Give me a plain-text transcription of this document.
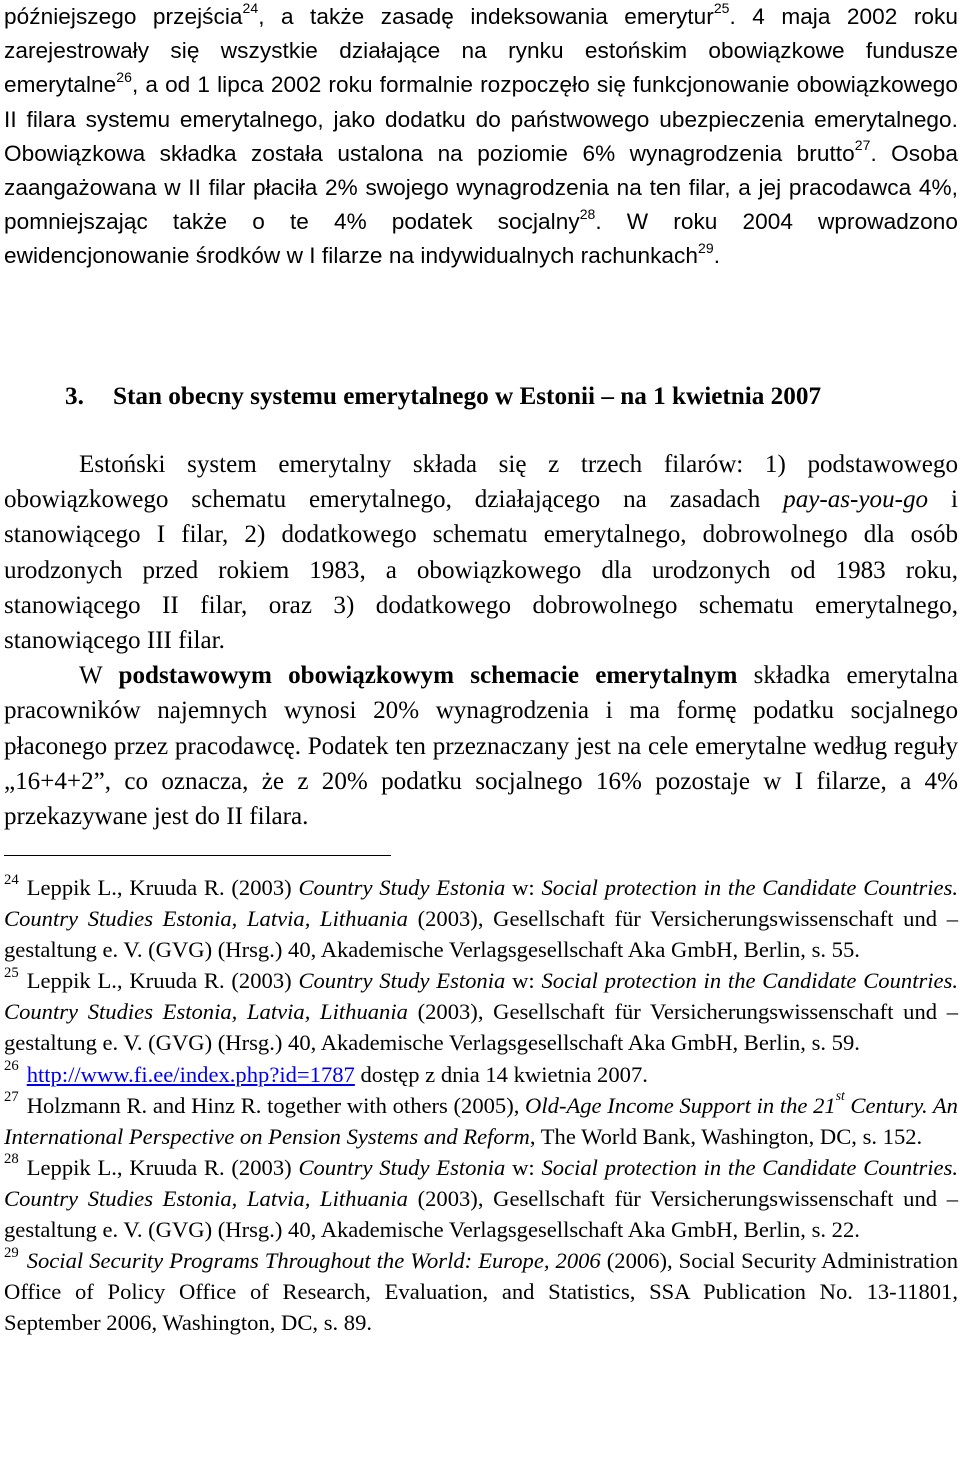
późniejszego przejścia$^{24}$, a także zasadę indeksowania emerytur$^{25}$. 4 maja 2002 roku zarejestrowały się wszystkie działające na rynku estońskim obowiązkowe fundusze emerytalne$^{26}$, a od 1 lipca 2002 roku formalnie rozpoczęło się funkcjonowanie obowiązkowego II filara systemu emerytalnego, jako dodatku do państwowego ubezpieczenia emerytalnego. Obowiązkowa składka została ustalona na poziomie 6% wynagrodzenia brutto$^{27}$. Osoba zaangażowana w II filar płaciła 2% swojego wynagrodzenia na ten filar, a jej pracodawca 4%, pomniejszając także o te 4% podatek socjalny$^{28}$. W roku 2004 wprowadzono ewidencjonowanie środków w I filarze na indywidualnych rachunkach$^{29}$.

3. Stan obecny systemu emerytalnego w Estonii – na 1 kwietnia 2007

Estoński system emerytalny składa się z trzech filarów: 1) podstawowego obowiązkowego schematu emerytalnego, działającego na zasadach pay-as-you-go i stanowiącego I filar, 2) dodatkowego schematu emerytalnego, dobrowolnego dla osób urodzonych przed rokiem 1983, a obowiązkowego dla urodzonych od 1983 roku, stanowiącego II filar, oraz 3) dodatkowego dobrowolnego schematu emerytalnego, stanowiącego III filar.

W podstawowym obowiązkowym schemacie emerytalnym składka emerytalna pracowników najemnych wynosi 20% wynagrodzenia i ma formę podatku socjalnego płaconego przez pracodawcę. Podatek ten przeznaczany jest na cele emerytalne według reguły „16+4+2”, co oznacza, że z 20% podatku socjalnego 16% pozostaje w I filarze, a 4% przekazywane jest do II filara.

$^{24}$ Leppik L., Kruuda R. (2003) Country Study Estonia w: Social protection in the Candidate Countries. Country Studies Estonia, Latvia, Lithuania (2003), Gesellschaft für Versicherungswissenschaft und – gestaltung e. V. (GVG) (Hrsg.) 40, Akademische Verlagsgesellschaft Aka GmbH, Berlin, s. 55.

$^{25}$ Leppik L., Kruuda R. (2003) Country Study Estonia w: Social protection in the Candidate Countries. Country Studies Estonia, Latvia, Lithuania (2003), Gesellschaft für Versicherungswissenschaft und – gestaltung e. V. (GVG) (Hrsg.) 40, Akademische Verlagsgesellschaft Aka GmbH, Berlin, s. 59.

$^{26}$ http://www.fi.ee/index.php?id=1787 dostęp z dnia 14 kwietnia 2007.

$^{27}$ Holzmann R. and Hinz R. together with others (2005), Old-Age Income Support in the 21st Century. An International Perspective on Pension Systems and Reform, The World Bank, Washington, DC, s. 152.

$^{28}$ Leppik L., Kruuda R. (2003) Country Study Estonia w: Social protection in the Candidate Countries. Country Studies Estonia, Latvia, Lithuania (2003), Gesellschaft für Versicherungswissenschaft und – gestaltung e. V. (GVG) (Hrsg.) 40, Akademische Verlagsgesellschaft Aka GmbH, Berlin, s. 22.

$^{29}$ Social Security Programs Throughout the World: Europe, 2006 (2006), Social Security Administration Office of Policy Office of Research, Evaluation, and Statistics, SSA Publication No. 13-11801, September 2006, Washington, DC, s. 89.
